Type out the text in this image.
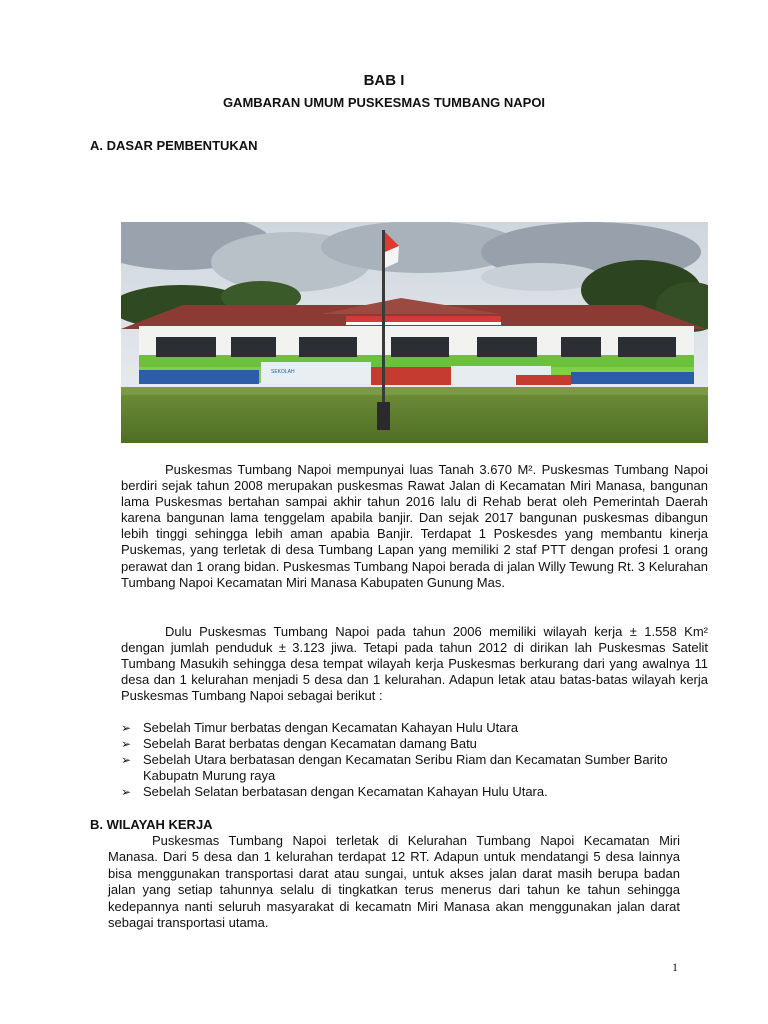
BAB I
GAMBARAN UMUM PUSKESMAS TUMBANG NAPOI
A. DASAR PEMBENTUKAN
SEKOLAH

Puskesmas Tumbang Napoi mempunyai luas Tanah 3.670 M². Puskesmas Tumbang Napoi berdiri sejak tahun 2008 merupakan puskesmas Rawat Jalan di Kecamatan Miri Manasa, bangunan lama Puskesmas bertahan sampai akhir tahun 2016 lalu di Rehab berat oleh Pemerintah Daerah karena bangunan lama tenggelam apabila banjir. Dan sejak 2017 bangunan puskesmas dibangun lebih tinggi sehingga lebih aman apabia Banjir. Terdapat 1 Poskesdes yang membantu kinerja Puskemas, yang terletak di desa Tumbang Lapan yang memiliki 2 staf PTT dengan profesi 1 orang perawat dan 1 orang bidan. Puskesmas Tumbang Napoi berada di jalan Willy Tewung Rt. 3 Kelurahan Tumbang Napoi Kecamatan Miri Manasa Kabupaten Gunung Mas.

Dulu Puskesmas Tumbang Napoi pada tahun 2006 memiliki wilayah kerja ± 1.558 Km² dengan jumlah penduduk ± 3.123 jiwa. Tetapi pada tahun 2012 di dirikan lah Puskesmas Satelit Tumbang Masukih sehingga desa tempat wilayah kerja Puskesmas berkurang dari yang awalnya 11 desa dan 1 kelurahan menjadi 5 desa dan 1 kelurahan. Adapun letak atau batas-batas wilayah kerja Puskesmas Tumbang Napoi sebagai berikut :

➢ Sebelah Timur berbatas dengan Kecamatan Kahayan Hulu Utara
➢ Sebelah Barat berbatas dengan Kecamatan damang Batu
➢ Sebelah Utara berbatasan dengan Kecamatan Seribu Riam dan Kecamatan Sumber Barito Kabupatn Murung raya
➢ Sebelah Selatan berbatasan dengan Kecamatan Kahayan Hulu Utara.
B. WILAYAH KERJA

Puskesmas Tumbang Napoi terletak di Kelurahan Tumbang Napoi Kecamatan Miri Manasa. Dari 5 desa dan 1 kelurahan terdapat 12 RT. Adapun untuk mendatangi 5 desa lainnya bisa menggunakan transportasi darat atau sungai, untuk akses jalan darat masih berupa badan jalan yang setiap tahunnya selalu di tingkatkan terus menerus dari tahun ke tahun sehingga kedepannya nanti seluruh masyarakat di kecamatn Miri Manasa akan menggunakan jalan darat sebagai transportasi utama.

1
